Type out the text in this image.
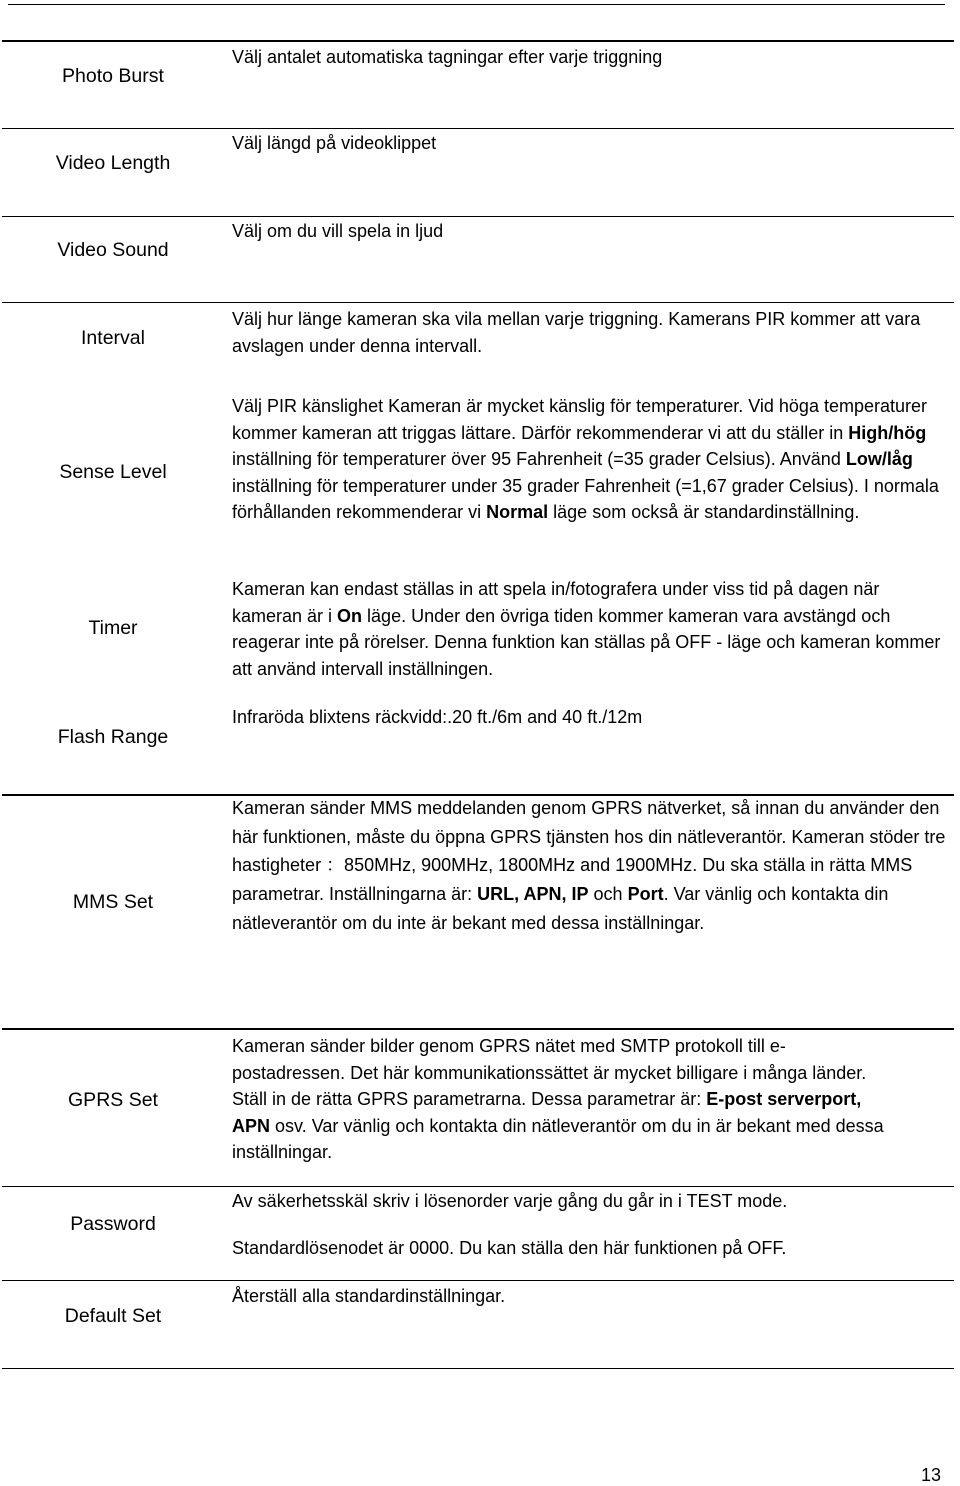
Photo Burst
Välj antalet automatiska tagningar efter varje triggning
Video Length
Välj längd på videoklippet
Video Sound
Välj om du vill spela in ljud
Interval
Välj hur länge kameran ska vila mellan varje triggning. Kamerans PIR kommer att vara avslagen under denna intervall.
Sense Level
Välj PIR känslighet Kameran är mycket känslig för temperaturer. Vid höga temperaturer kommer kameran att triggas lättare. Därför rekommenderar vi att du ställer in High/hög inställning för temperaturer över 95 Fahrenheit (=35 grader Celsius). Använd Low/låg inställning för temperaturer under 35 grader Fahrenheit (=1,67 grader Celsius). I normala förhållanden rekommenderar vi Normal läge som också är standardinställning.
Timer
Kameran kan endast ställas in att spela in/fotografera under viss tid på dagen när kameran är i On läge. Under den övriga tiden kommer kameran vara avstängd och reagerar inte på rörelser. Denna funktion kan ställas på OFF - läge och kameran kommer att använd intervall inställningen.
Flash Range
Infraröda blixtens räckvidd:.20 ft./6m and 40 ft./12m
MMS Set
Kameran sänder MMS meddelanden genom GPRS nätverket, så innan du använder den här funktionen, måste du öppna GPRS tjänsten hos din nätleverantör. Kameran stöder tre hastigheter ：850MHz, 900MHz, 1800MHz and 1900MHz. Du ska ställa in rätta MMS parametrar. Inställningarna är: URL, APN, IP och Port. Var vänlig och kontakta din nätleverantör om du inte är bekant med dessa inställningar.
GPRS Set
Kameran sänder bilder genom GPRS nätet med SMTP protokoll till e-postadressen. Det här kommunikationssättet är mycket billigare i många länder. Ställ in de rätta GPRS parametrarna. Dessa parametrar är: E-post serverport, APN osv. Var vänlig och kontakta din nätleverantör om du in är bekant med dessa inställningar.
Password
Av säkerhetsskäl skriv i lösenorder varje gång du går in i TEST mode.
Standardlösenodet är 0000. Du kan ställa den här funktionen på OFF.
Default Set
Återställ alla standardinställningar.
13
